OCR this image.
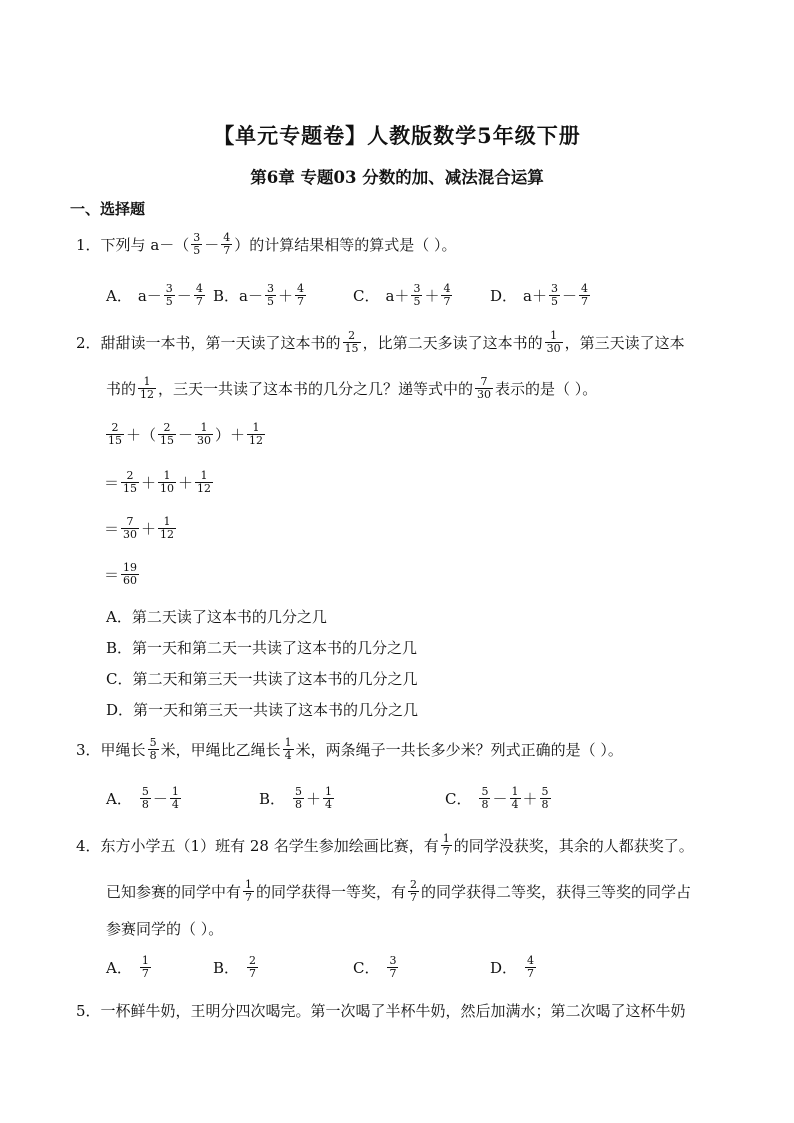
【单元专题卷】人教版数学5年级下册
第6章 专题03 分数的加、减法混合运算
一、选择题
1． 下列与 $a-( \frac{3}{5} - \frac{4}{7}$ ）的计算结果相等的算式是（ ）。
A． $a- \frac{3}{5} - \frac{4}{7}$ B． $a- \frac{3}{5} + \frac{4}{7}$	C． $a+ \frac{3}{5} + \frac{4}{7}$	D． $a+ \frac{3}{5} - \frac{4}{7}$
2． 甜甜读一本书，第一天读了这本书的 $\frac{2}{15}$ ，比第二天多读了这本书的 $\frac{1}{30}$ ，第三天读了这本
书的 $\frac{1}{12}$ ，三天一共读了这本书的几分之几？递等式中的 $\frac{7}{30}$ 表示的是（ ）。
$\frac{2}{15}$ ＋（ $\frac{2}{15} - \frac{1}{30}$ ）＋ $\frac{1}{12}$
＝ $\frac{2}{15} + \frac{1}{10} + \frac{1}{12}$
＝ $\frac{7}{30} + \frac{1}{12}$
＝ $\frac{19}{60}$
A．第二天读了这本书的几分之几
B．第一天和第二天一共读了这本书的几分之几
C．第二天和第三天一共读了这本书的几分之几
D．第一天和第三天一共读了这本书的几分之几
3． 甲绳长 $\frac{5}{8}$ 米，甲绳比乙绳长 $\frac{1}{4}$ 米，两条绳子一共长多少米？列式正确的是（ ）。
A． $\frac{5}{8} - \frac{1}{4}$	B． $\frac{5}{8} + \frac{1}{4}$	C． $\frac{5}{8} - \frac{1}{4} + \frac{5}{8}$
4． 东方小学五（1）班有 28 名学生参加绘画比赛，有 $\frac{1}{7}$ 的同学没获奖，其余的人都获奖了。
已知参赛的同学中有 $\frac{1}{7}$ 的同学获得一等奖，有 $\frac{2}{7}$ 的同学获得二等奖，获得三等奖的同学占
参赛同学的（ ）。
A． $\frac{1}{7}$	B． $\frac{2}{7}$	C． $\frac{3}{7}$	D． $\frac{4}{7}$
5． 一杯鲜牛奶，王明分四次喝完。第一次喝了半杯牛奶，然后加满水；第二次喝了这杯牛奶
